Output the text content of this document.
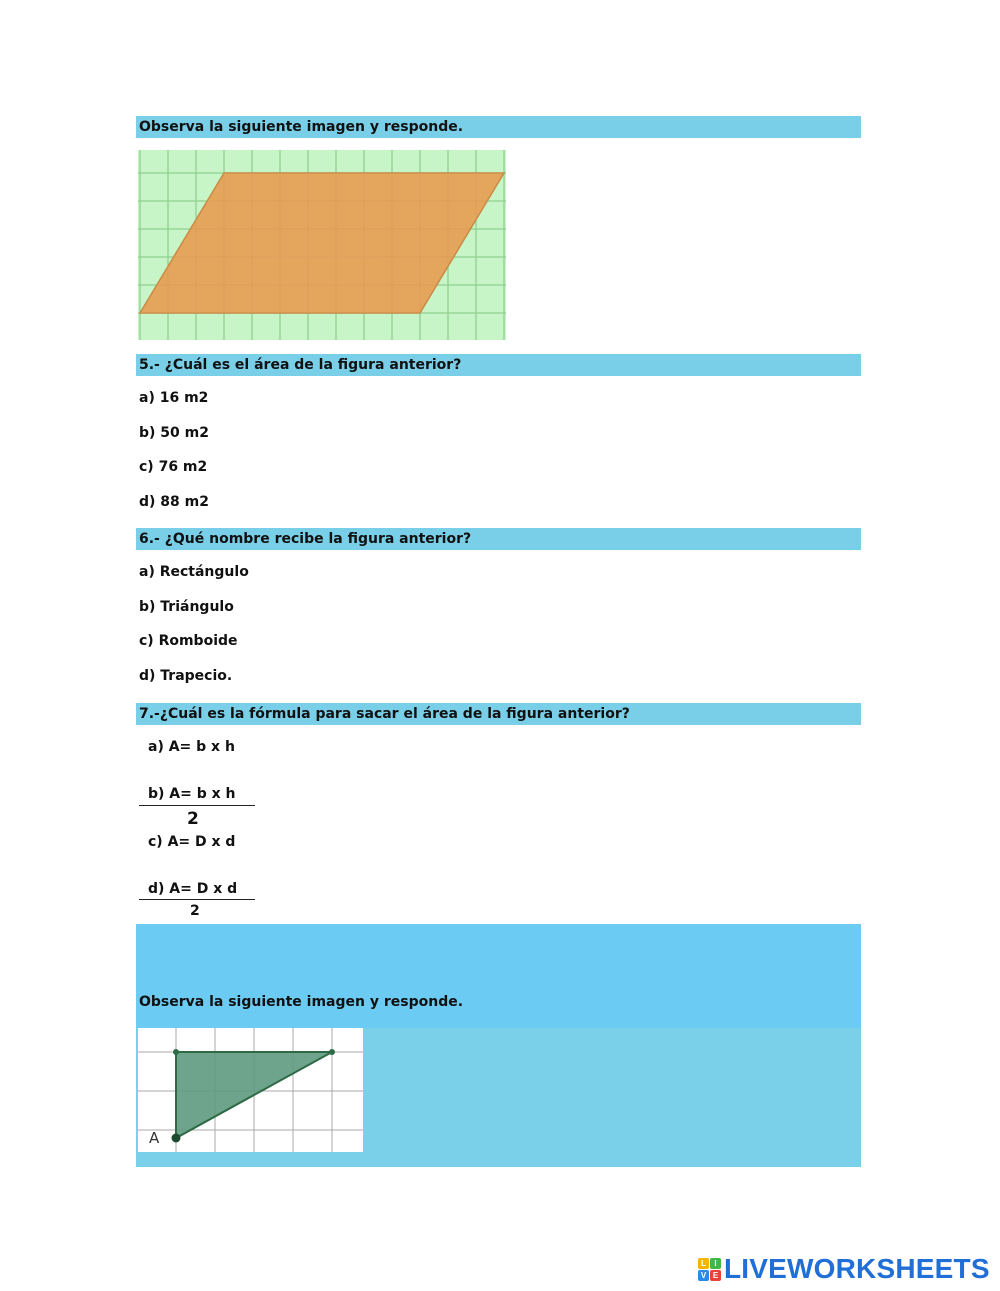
Observa la siguiente imagen y responde.
5.- ¿Cuál es el área de la figura anterior?
a) 16 m2
b) 50 m2
c) 76 m2
d) 88 m2
6.- ¿Qué nombre recibe la figura anterior?
a) Rectángulo
b) Triángulo
c) Romboide
d) Trapecio.
7.-¿Cuál es la fórmula para sacar el área de la figura anterior?
a) A= b x h
b) A= b x h
2
c) A= D x d
d) A= D x d
2
Observa la siguiente imagen y responde.
A
L	I
V E LIVEWORKSHEETS
